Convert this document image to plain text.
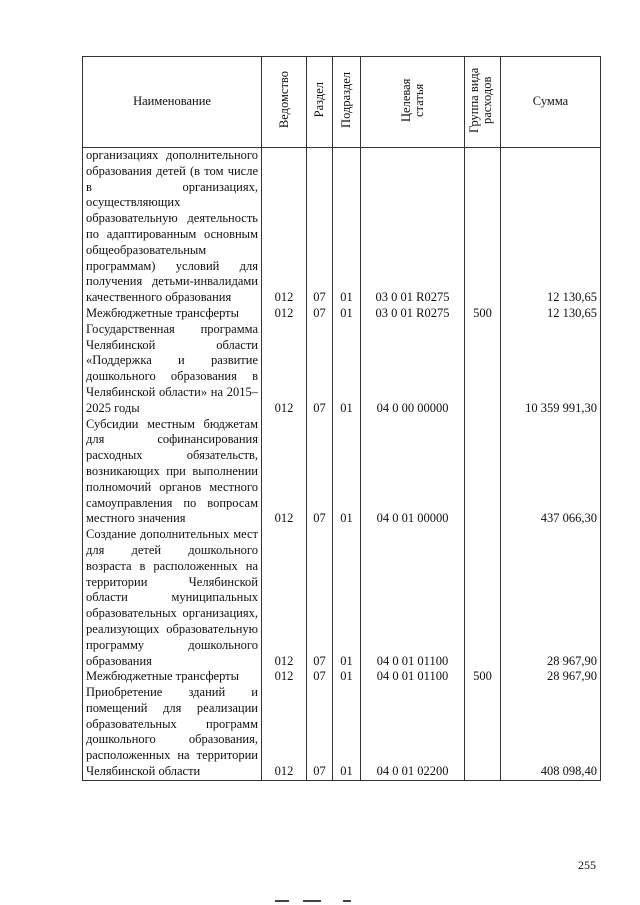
Наименование	Ведомство	Раздел	Подраздел	Целевая статья	Группа вида расходов	Сумма
организациях дополнительного образования детей (в том числе в организациях, осуществляющих образовательную деятельность по адаптированным основным общеобразовательным программам) условий для получения детьми-инвалидами качественного образования	012	07	01	03 0 01 R0275		12 130,65
Межбюджетные трансферты	012	07	01	03 0 01 R0275	500	12 130,65
Государственная программа Челябинской области «Поддержка и развитие дошкольного образования в Челябинской области» на 2015–2025 годы	012	07	01	04 0 00 00000		10 359 991,30
Субсидии местным бюджетам для софинансирования расходных обязательств, возникающих при выполнении полномочий органов местного самоуправления по вопросам местного значения	012	07	01	04 0 01 00000		437 066,30
Создание дополнительных мест для детей дошкольного возраста в расположенных на территории Челябинской области муниципальных образовательных организациях, реализующих образовательную программу дошкольного образования	012	07	01	04 0 01 01100		28 967,90
Межбюджетные трансферты	012	07	01	04 0 01 01100	500	28 967,90
Приобретение зданий и помещений для реализации образовательных программ дошкольного образования, расположенных на территории Челябинской области	012	07	01	04 0 01 02200		408 098,40
255
